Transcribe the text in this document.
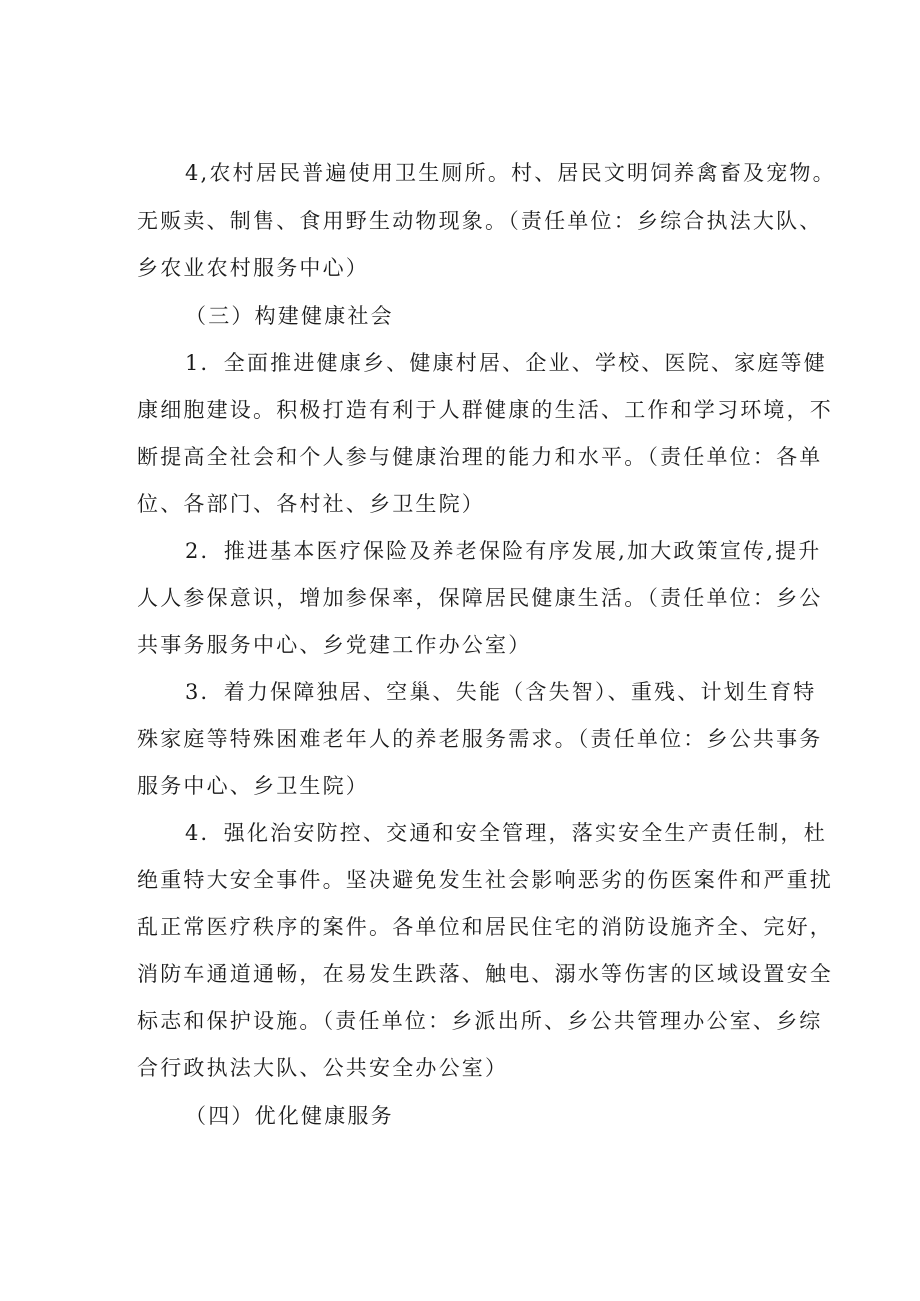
4,农村居民普遍使用卫生厕所。村、居民文明饲养禽畜及宠物。
无贩卖、制售、食用野生动物现象。（责任单位：乡综合执法大队、
乡农业农村服务中心）
（三）构建健康社会
1．全面推进健康乡、健康村居、企业、学校、医院、家庭等健
康细胞建设。积极打造有利于人群健康的生活、工作和学习环境，不
断提高全社会和个人参与健康治理的能力和水平。（责任单位：各单
位、各部门、各村社、乡卫生院）
2．推进基本医疗保险及养老保险有序发展,加大政策宣传,提升
人人参保意识，增加参保率，保障居民健康生活。（责任单位：乡公
共事务服务中心、乡党建工作办公室）
3．着力保障独居、空巢、失能（含失智）、重残、计划生育特
殊家庭等特殊困难老年人的养老服务需求。（责任单位：乡公共事务
服务中心、乡卫生院）
4．强化治安防控、交通和安全管理，落实安全生产责任制，杜
绝重特大安全事件。坚决避免发生社会影响恶劣的伤医案件和严重扰
乱正常医疗秩序的案件。各单位和居民住宅的消防设施齐全、完好，
消防车通道通畅，在易发生跌落、触电、溺水等伤害的区域设置安全
标志和保护设施。（责任单位：乡派出所、乡公共管理办公室、乡综
合行政执法大队、公共安全办公室）
（四）优化健康服务
